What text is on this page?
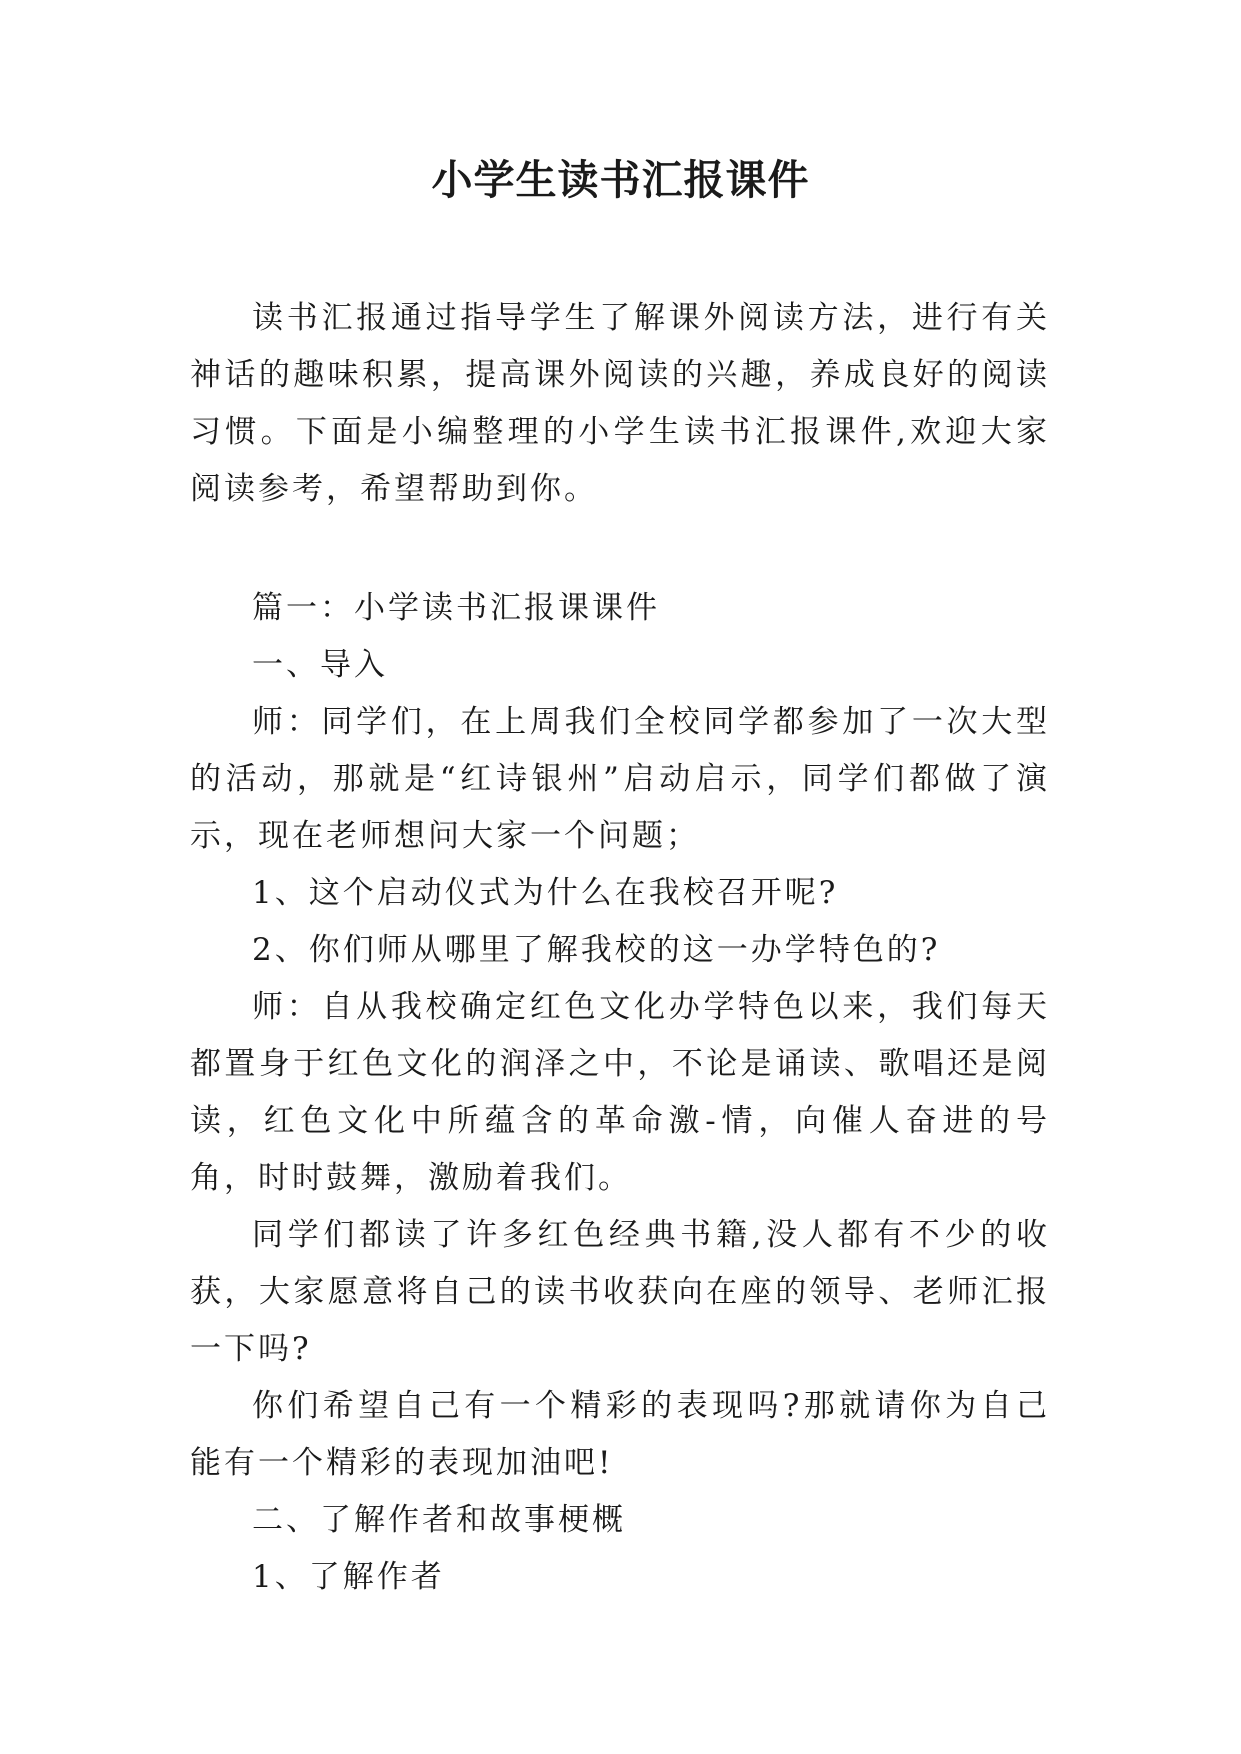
小学生读书汇报课件

读书汇报通过指导学生了解课外阅读方法，进行有关神话的趣味积累，提高课外阅读的兴趣，养成良好的阅读习惯。下面是小编整理的小学生读书汇报课件,欢迎大家阅读参考，希望帮助到你。

篇一：小学读书汇报课课件

一、导入

师：同学们，在上周我们全校同学都参加了一次大型的活动，那就是“红诗银州”启动启示，同学们都做了演示，现在老师想问大家一个问题；

1、这个启动仪式为什么在我校召开呢?

2、你们师从哪里了解我校的这一办学特色的?

师：自从我校确定红色文化办学特色以来，我们每天都置身于红色文化的润泽之中，不论是诵读、歌唱还是阅读，红色文化中所蕴含的革命激-情，向催人奋进的号角，时时鼓舞，激励着我们。

同学们都读了许多红色经典书籍,没人都有不少的收获，大家愿意将自己的读书收获向在座的领导、老师汇报一下吗?

你们希望自己有一个精彩的表现吗?那就请你为自己能有一个精彩的表现加油吧!

二、了解作者和故事梗概

1、了解作者
